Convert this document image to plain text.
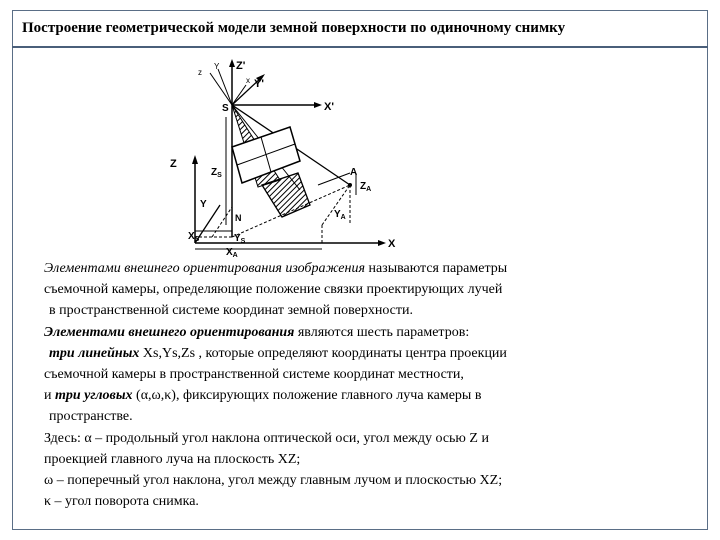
Построение геометрической модели земной поверхности по одиночному снимку
z
Z'
Y
Y'
x
S	X'
Z
$Z_S$
Y
N
A
$Z_A$
$Y_A$
$X_S$	$Y_S$
$X_A$
X
Элементами внешнего ориентирования изображения называются параметры
съемочной камеры, определяющие положение связки проектирующих лучей
в пространственной системе координат земной поверхности.
Элементами внешнего ориентирования являются шесть параметров:
три линейных Xs,Ys,Zs , которые определяют координаты центра проекции
съемочной камеры в пространственной системе координат местности,
и три угловых (α,ω,κ), фиксирующих положение главного луча камеры в
пространстве.
Здесь: α – продольный угол наклона оптической оси, угол между осью Z и
проекцией главного луча на плоскость XZ;
ω – поперечный угол наклона, угол между главным лучом и плоскостью XZ;
κ – угол поворота снимка.
